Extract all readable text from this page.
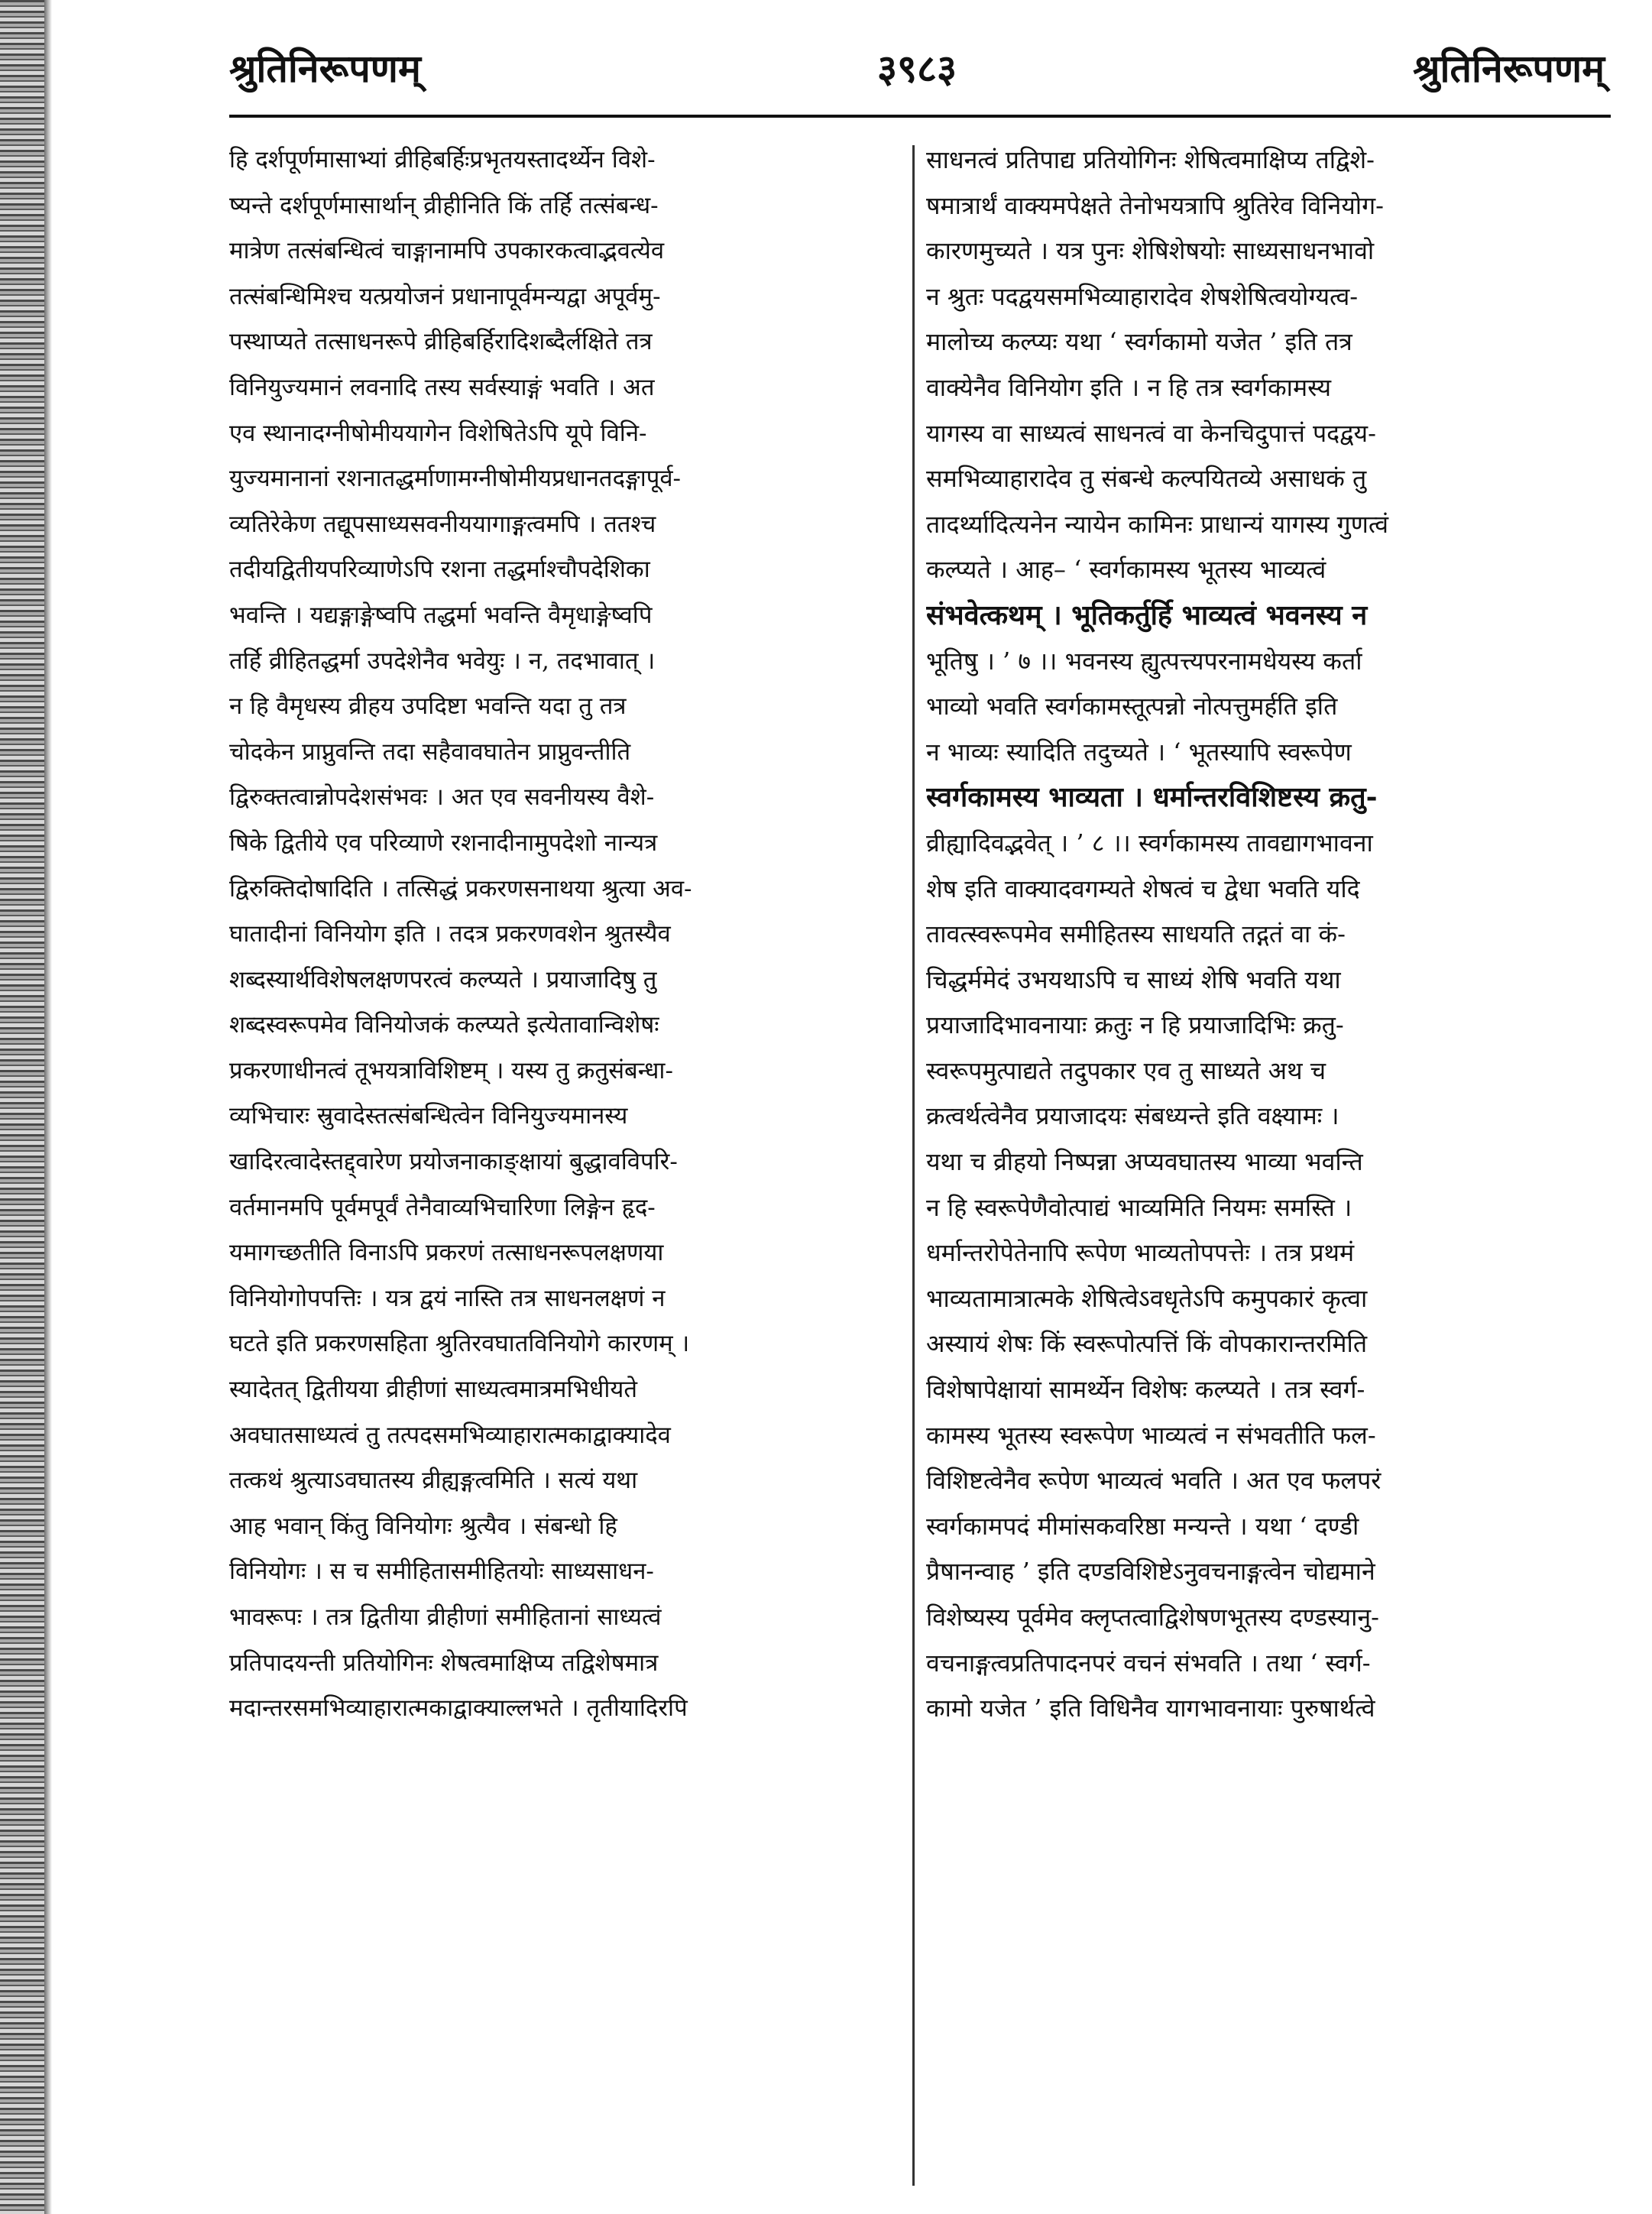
३९८३
श्रुतिनिरूपणम्	श्रुतिनिरूपणम्
हि दर्शपूर्णमासाभ्यां व्रीहिबर्हिःप्रभृतयस्तादर्थ्येन विशे-
ष्यन्ते दर्शपूर्णमासार्थान् व्रीहीनिति किं तर्हि तत्संबन्ध-
मात्रेण तत्संबन्धित्वं चाङ्गानामपि उपकारकत्वाद्भवत्येव
तत्संबन्धिमिश्च यत्प्रयोजनं प्रधानापूर्वमन्यद्वा अपूर्वमु-
पस्थाप्यते तत्साधनरूपे व्रीहिबर्हिरादिशब्दैर्लक्षिते तत्र
विनियुज्यमानं लवनादि तस्य सर्वस्याङ्गं भवति । अत
एव स्थानादग्नीषोमीययागेन विशेषितेऽपि यूपे विनि-
युज्यमानानां रशनातद्धर्माणामग्नीषोमीयप्रधानतदङ्गापूर्व-
व्यतिरेकेण तद्यूपसाध्यसवनीययागाङ्गत्वमपि । ततश्च
तदीयद्वितीयपरिव्याणेऽपि रशना तद्धर्माश्चौपदेशिका
भवन्ति । यद्यङ्गाङ्गेष्वपि तद्धर्मा भवन्ति वैमृधाङ्गेष्वपि
तर्हि व्रीहितद्धर्मा उपदेशेनैव भवेयुः । न, तदभावात् ।
न हि वैमृधस्य व्रीहय उपदिष्टा भवन्ति यदा तु तत्र
चोदकेन प्राप्नुवन्ति तदा सहैवावघातेन प्राप्नुवन्तीति
द्विरुक्तत्वान्नोपदेशसंभवः । अत एव सवनीयस्य वैशे-
षिके द्वितीये एव परिव्याणे रशनादीनामुपदेशो नान्यत्र
द्विरुक्तिदोषादिति । तत्सिद्धं प्रकरणसनाथया श्रुत्या अव-
घातादीनां विनियोग इति । तदत्र प्रकरणवशेन श्रुतस्यैव
शब्दस्यार्थविशेषलक्षणपरत्वं कल्प्यते । प्रयाजादिषु तु
शब्दस्वरूपमेव विनियोजकं कल्प्यते इत्येतावान्विशेषः
प्रकरणाधीनत्वं तूभयत्राविशिष्टम् । यस्य तु क्रतुसंबन्धा-
व्यभिचारः स्रुवादेस्तत्संबन्धित्वेन विनियुज्यमानस्य
खादिरत्वादेस्तद्द्वारेण प्रयोजनाकाङ्क्षायां बुद्धावविपरि-
वर्तमानमपि पूर्वमपूर्वं तेनैवाव्यभिचारिणा लिङ्गेन हृद-
यमागच्छतीति विनाऽपि प्रकरणं तत्साधनरूपलक्षणया
विनियोगोपपत्तिः । यत्र द्वयं नास्ति तत्र साधनलक्षणं न
घटते इति प्रकरणसहिता श्रुतिरवघातविनियोगे कारणम् ।
स्यादेतत् द्वितीयया व्रीहीणां साध्यत्वमात्रमभिधीयते
अवघातसाध्यत्वं तु तत्पदसमभिव्याहारात्मकाद्वाक्यादेव
तत्कथं श्रुत्याऽवघातस्य व्रीह्यङ्गत्वमिति । सत्यं यथा
आह भवान् किंतु विनियोगः श्रुत्यैव । संबन्धो हि
विनियोगः । स च समीहितासमीहितयोः साध्यसाधन-
भावरूपः । तत्र द्वितीया व्रीहीणां समीहितानां साध्यत्वं
प्रतिपादयन्ती प्रतियोगिनः शेषत्वमाक्षिप्य तद्विशेषमात्र
मदान्तरसमभिव्याहारात्मकाद्वाक्याल्लभते । तृतीयादिरपि
साधनत्वं प्रतिपाद्य प्रतियोगिनः शेषित्वमाक्षिप्य तद्विशे-
षमात्रार्थं वाक्यमपेक्षते तेनोभयत्रापि श्रुतिरेव विनियोग-
कारणमुच्यते । यत्र पुनः शेषिशेषयोः साध्यसाधनभावो
न श्रुतः पदद्वयसमभिव्याहारादेव शेषशेषित्वयोग्यत्व-
मालोच्य कल्प्यः यथा ‘ स्वर्गकामो यजेत ’ इति तत्र
वाक्येनैव विनियोग इति । न हि तत्र स्वर्गकामस्य
यागस्य वा साध्यत्वं साधनत्वं वा केनचिदुपात्तं पदद्वय-
समभिव्याहारादेव तु संबन्धे कल्पयितव्ये असाधकं तु
तादर्थ्यादित्यनेन न्यायेन कामिनः प्राधान्यं यागस्य गुणत्वं
कल्प्यते । आह– ‘ स्वर्गकामस्य भूतस्य भाव्यत्वं
संभवेत्कथम् । भूतिकर्तुर्हि भाव्यत्वं भवनस्य न
भूतिषु । ’ ७ ।। भवनस्य ह्युत्पत्त्यपरनामधेयस्य कर्ता
भाव्यो भवति स्वर्गकामस्तूत्पन्नो नोत्पत्तुमर्हति इति
न भाव्यः स्यादिति तदुच्यते । ‘ भूतस्यापि स्वरूपेण
स्वर्गकामस्य भाव्यता । धर्मान्तरविशिष्टस्य क्रतु-
व्रीह्यादिवद्भवेत् । ’ ८ ।। स्वर्गकामस्य तावद्यागभावना
शेष इति वाक्यादवगम्यते शेषत्वं च द्वेधा भवति यदि
तावत्स्वरूपमेव समीहितस्य साधयति तद्गतं वा कं-
चिद्धर्ममेदं उभयथाऽपि च साध्यं शेषि भवति यथा
प्रयाजादिभावनायाः क्रतुः न हि प्रयाजादिभिः क्रतु-
स्वरूपमुत्पाद्यते तदुपकार एव तु साध्यते अथ च
क्रत्वर्थत्वेनैव प्रयाजादयः संबध्यन्ते इति वक्ष्यामः ।
यथा च व्रीहयो निष्पन्ना अप्यवघातस्य भाव्या भवन्ति
न हि स्वरूपेणैवोत्पाद्यं भाव्यमिति नियमः समस्ति ।
धर्मान्तरोपेतेनापि रूपेण भाव्यतोपपत्तेः । तत्र प्रथमं
भाव्यतामात्रात्मके शेषित्वेऽवधृतेऽपि कमुपकारं कृत्वा
अस्यायं शेषः किं स्वरूपोत्पत्तिं किं वोपकारान्तरमिति
विशेषापेक्षायां सामर्थ्येन विशेषः कल्प्यते । तत्र स्वर्ग-
कामस्य भूतस्य स्वरूपेण भाव्यत्वं न संभवतीति फल-
विशिष्टत्वेनैव रूपेण भाव्यत्वं भवति । अत एव फलपरं
स्वर्गकामपदं मीमांसकवरिष्ठा मन्यन्ते । यथा ‘ दण्डी
प्रैषानन्वाह ’ इति दण्डविशिष्टेऽनुवचनाङ्गत्वेन चोद्यमाने
विशेष्यस्य पूर्वमेव क्लृप्तत्वाद्विशेषणभूतस्य दण्डस्यानु-
वचनाङ्गत्वप्रतिपादनपरं वचनं संभवति । तथा ‘ स्वर्ग-
कामो यजेत ’ इति विधिनैव यागभावनायाः पुरुषार्थत्वे
